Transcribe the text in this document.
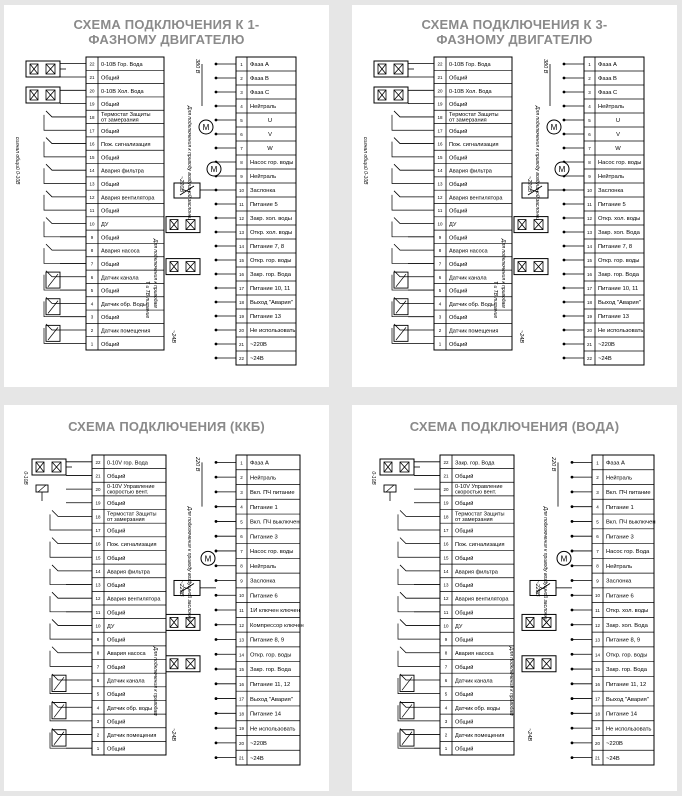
СХЕМА ПОДКЛЮЧЕНИЯ К 1-ФАЗНОМУ ДВИГАТЕЛЮ
0-10В Гор. Вода
22
Общий
21
0-10В Хол. Вода
20
Общий
19
Термостат Защиты от замерзания
18
Общий
17
Пож. сигнализация
16
Общий
15
Авария фильтра
14
Общий
13
Авария вентилятора
12
Общий
11
ДУ
10
Общий
9
Авария насоса
8
Общий
7
Датчик канала
6
Общий
5
Датчик обр. Воды
4
Общий
3
Датчик помещения
2
Общий
1
Фаза А
1
Фаза B
2
Фаза C
3
Нейтраль
4
U
5
V
6
W
7
Насос гор. воды
8
Нейтраль
9
Заслонка
10
Питание 5
11
Закр. хол. воды
12
Откр. хол. воды
13
Питание 7, 8
14
Откр. гор. воды
15
Закр. гор. Вода
16
Питание 10, 11
17
Выход "Авария"
18
Питание 13
19
Не использовать
20
~220В
21
~24В
22
M
M
380 В
Для подключения к приводу воздушной заслонки
~220В
Для подключения к приводам
Т и ТВ питание
сигнал общий 0-10В
~24В
СХЕМА ПОДКЛЮЧЕНИЯ К 3-ФАЗНОМУ ДВИГАТЕЛЮ
0-10В Гор. Вода
22
Общий
21
0-10В Хол. Вода
20
Общий
19
Термостат Защиты от замерзания
18
Общий
17
Пож. сигнализация
16
Общий
15
Авария фильтра
14
Общий
13
Авария вентилятора
12
Общий
11
ДУ
10
Общий
9
Авария насоса
8
Общий
7
Датчик канала
6
Общий
5
Датчик обр. Воды
4
Общий
3
Датчик помещения
2
Общий
1
Фаза А
1
Фаза B
2
Фаза C
3
Нейтраль
4
U
5
V
6
W
7
Насос гор. воды
8
Нейтраль
9
Заслонка
10
Питание 5
11
Откр. хол. воды
12
Закр. хол. Вода
13
Питание 7, 8
14
Откр. гор. воды
15
Закр. гор. Вода
16
Питание 10, 11
17
Выход "Авария"
18
Питание 13
19
Не использовать
20
~220В
21
~24В
22
M
M
380 В
Для подключения к приводу воздушной заслонки
~220В
Для подключения к приводам
Т и ТВ питание
сигнал общий 0-10В
~24В
СХЕМА ПОДКЛЮЧЕНИЯ (ККБ)
0-10V гор. Вода
22
Общий
21
0-10V Управление скоростью вент.
20
Общий
19
Термостат Защиты от замерзания
18
Общий
17
Пож. сигнализация
16
Общий
15
Авария фильтра
14
Общий
13
Авария вентилятора
12
Общий
11
ДУ
10
Общий
9
Авария насоса
8
Общий
7
Датчик канала
6
Общий
5
Датчик обр. воды
4
Общий
3
Датчик помещения
2
Общий
1
Фаза А
1
Нейтраль
2
Вкл. ПЧ питание
3
Питание 1
4
Вкл. ПЧ выключен
5
Питание 3
6
Насос гор. воды
7
Нейтраль
8
Заслонка
9
Питание 6
10
1И ключен ключен
11
Компрессор ключен
12
Питание 8, 9
13
Откр. гор. воды
14
Закр. гор. Вода
15
Питание 11, 12
16
Выход "Авария"
17
Питание 14
18
Не использовать
19
~220В
20
~24В
21
M
220 В
Для подключения к приводу воздушной заслонки
~220В
Для подключения к приводам
0-10В
~24В
СХЕМА ПОДКЛЮЧЕНИЯ (ВОДА)
Закр. гор. Вода
22
Общий
21
0-10V Управление скоростью вент.
20
Общий
19
Термостат Защиты от замерзания
18
Общий
17
Пож. сигнализация
16
Общий
15
Авария фильтра
14
Общий
13
Авария вентилятора
12
Общий
11
ДУ
10
Общий
9
Авария насоса
8
Общий
7
Датчик канала
6
Общий
5
Датчик обр. воды
4
Общий
3
Датчик помещения
2
Общий
1
Фаза А
1
Нейтраль
2
Вкл. ПЧ питание
3
Питание 1
4
Вкл. ПЧ выключен
5
Питание 3
6
Насос гор. Вода
7
Нейтраль
8
Заслонка
9
Питание 6
10
Откр. хол. воды
11
Закр. хол. Вода
12
Питание 8, 9
13
Откр. гор. воды
14
Закр. гор. Вода
15
Питание 11, 12
16
Выход "Авария"
17
Питание 14
18
Не использовать
19
~220В
20
~24В
21
M
220 В
Для подключения к приводу воздушной заслонки
~220В
Для подключения к приводам
0-10В
~24В
